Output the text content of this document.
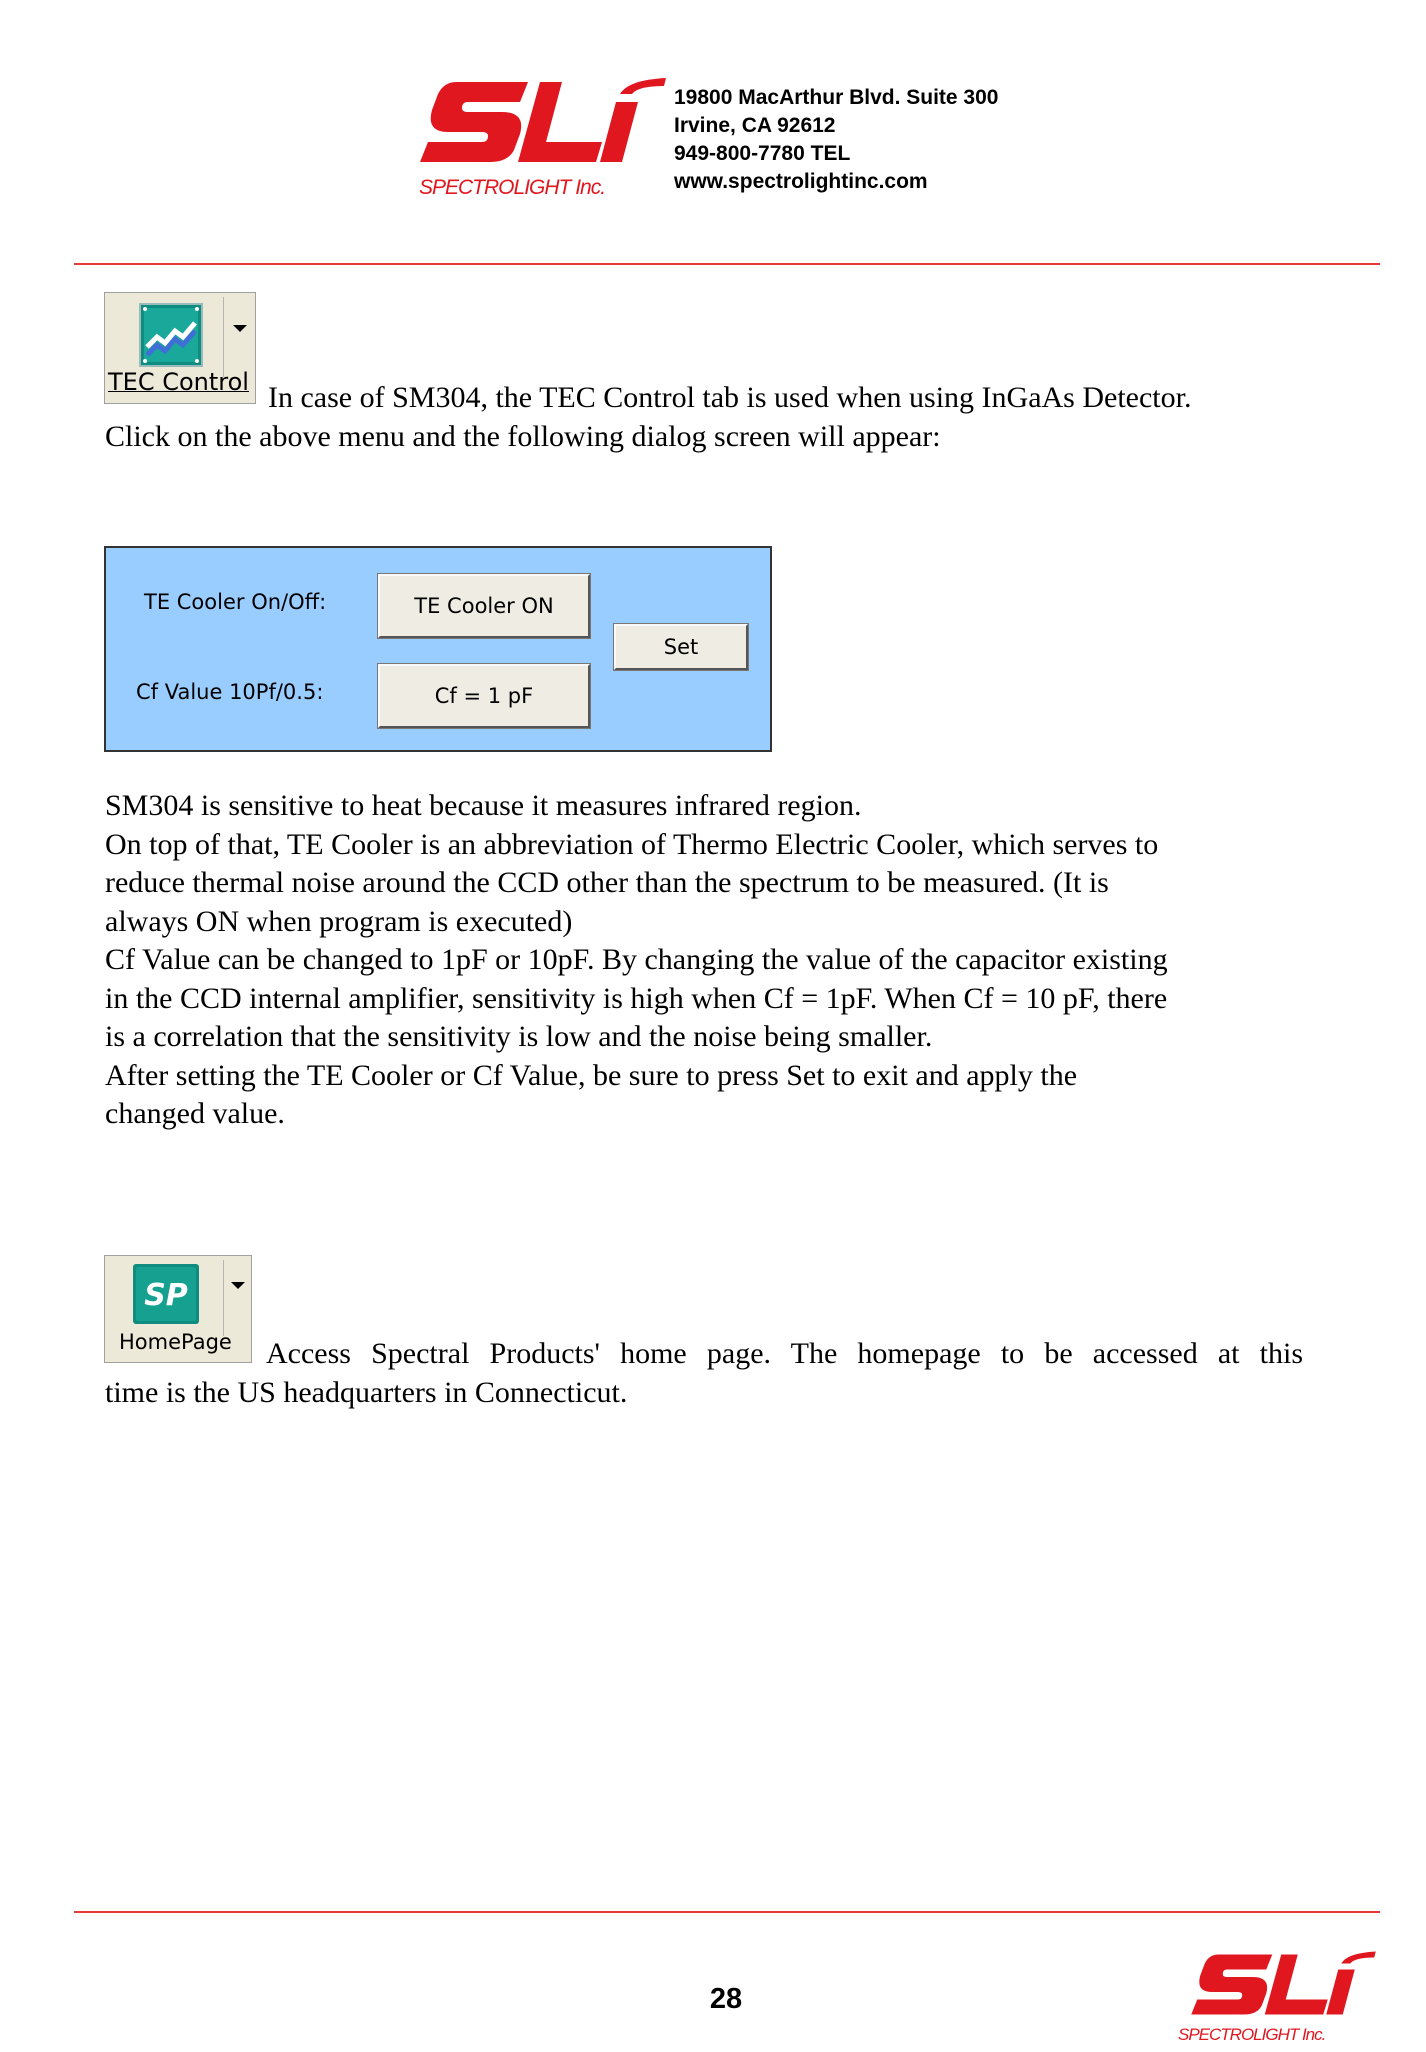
SPECTROLIGHT Inc.
19800 MacArthur Blvd. Suite 300
Irvine, CA 92612
949-800-7780 TEL
www.spectrolightinc.com
TEC Control In case of SM304, the TEC Control tab is used when using InGaAs Detector.
Click on the above menu and the following dialog screen will appear:
TE Cooler On/Off:	TE Cooler ON
Cf Value 10Pf/0.5:	Cf = 1 pF
Set
SM304 is sensitive to heat because it measures infrared region.
On top of that, TE Cooler is an abbreviation of Thermo Electric Cooler, which serves to
reduce thermal noise around the CCD other than the spectrum to be measured. (It is
always ON when program is executed)
Cf Value can be changed to 1pF or 10pF. By changing the value of the capacitor existing
in the CCD internal amplifier, sensitivity is high when Cf = 1pF. When Cf = 10 pF, there
is a correlation that the sensitivity is low and the noise being smaller.
After setting the TE Cooler or Cf Value, be sure to press Set to exit and apply the
changed value.
SP
HomePage Access Spectral Products' home page. The homepage to be accessed at this
time is the US headquarters in Connecticut.
28
SPECTROLIGHT Inc.
